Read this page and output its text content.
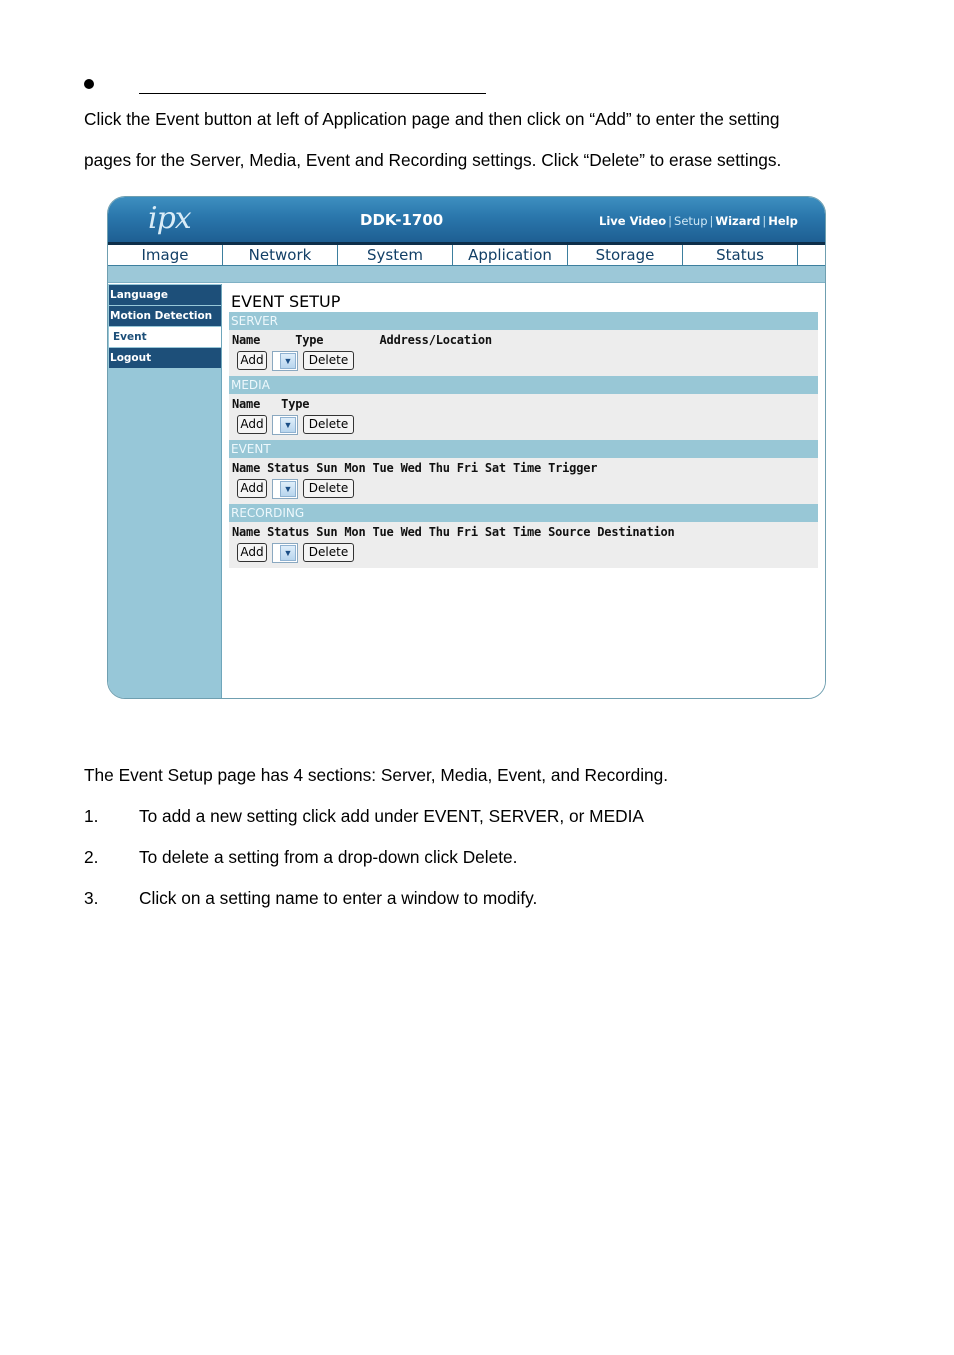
Click the Event button at left of Application page and then click on “Add” to enter the setting
pages for the Server, Media, Event and Recording settings. Click “Delete” to erase settings.
ipx	DDK-1700	Live Video | Setup | Wizard | Help
Image	Network	System	Application	Storage	Status
Language
Motion Detection
Event
Logout
EVENT SETUP
SERVER
Name     Type        Address/Location
Add	▼	Delete
MEDIA
Name   Type
Add	▼	Delete
EVENT
Name Status Sun Mon Tue Wed Thu Fri Sat Time Trigger
Add	▼	Delete
RECORDING
Name Status Sun Mon Tue Wed Thu Fri Sat Time Source Destination
Add	▼	Delete
The Event Setup page has 4 sections: Server, Media, Event, and Recording.
1. To add a new setting click add under EVENT, SERVER, or MEDIA
2. To delete a setting from a drop-down click Delete.
3. Click on a setting name to enter a window to modify.
